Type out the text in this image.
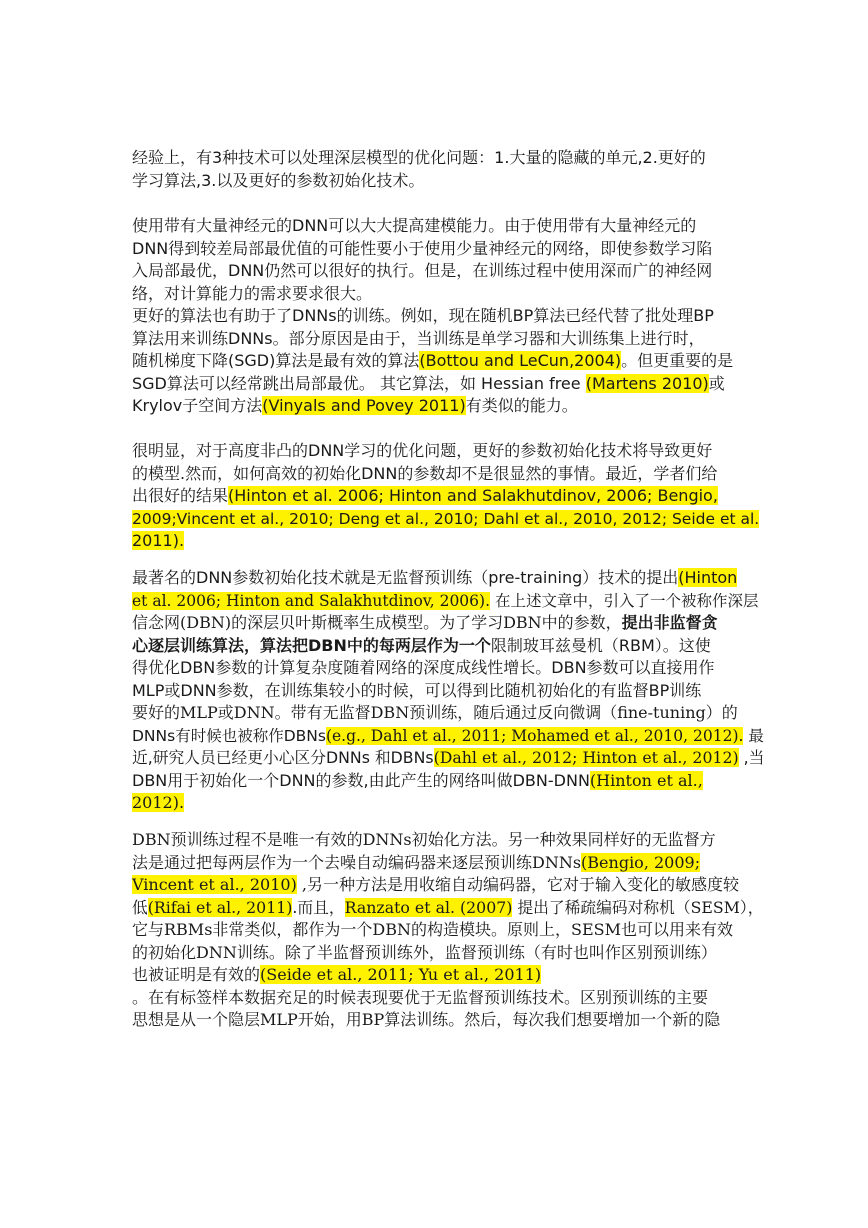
经验上，有3种技术可以处理深层模型的优化问题：1.大量的隐藏的单元,2.更好的
学习算法,3.以及更好的参数初始化技术。
使用带有大量神经元的DNN可以大大提高建模能力。由于使用带有大量神经元的
DNN得到较差局部最优值的可能性要小于使用少量神经元的网络，即使参数学习陷
入局部最优，DNN仍然可以很好的执行。但是，在训练过程中使用深而广的神经网
络，对计算能力的需求要求很大。
更好的算法也有助于了DNNs的训练。例如，现在随机BP算法已经代替了批处理BP
算法用来训练DNNs。部分原因是由于，当训练是单学习器和大训练集上进行时，
随机梯度下降(SGD)算法是最有效的算法(Bottou and LeCun,2004)。但更重要的是
SGD算法可以经常跳出局部最优。 其它算法，如 Hessian free (Martens 2010)或
Krylov子空间方法(Vinyals and Povey 2011)有类似的能力。
很明显，对于高度非凸的DNN学习的优化问题，更好的参数初始化技术将导致更好
的模型.然而，如何高效的初始化DNN的参数却不是很显然的事情。最近，学者们给
出很好的结果(Hinton et al. 2006; Hinton and Salakhutdinov, 2006; Bengio,
2009;Vincent et al., 2010; Deng et al., 2010; Dahl et al., 2010, 2012; Seide et al.
2011).
最著名的DNN参数初始化技术就是无监督预训练（pre-training）技术的提出(Hinton
et al. 2006; Hinton and Salakhutdinov, 2006). 在上述文章中，引入了一个被称作深层
信念网(DBN)的深层贝叶斯概率生成模型。为了学习DBN中的参数，提出非监督贪
心逐层训练算法，算法把DBN中的每两层作为一个限制玻耳兹曼机（RBM）。这使
得优化DBN参数的计算复杂度随着网络的深度成线性增长。DBN参数可以直接用作
MLP或DNN参数，在训练集较小的时候，可以得到比随机初始化的有监督BP训练
要好的MLP或DNN。带有无监督DBN预训练，随后通过反向微调（fine-tuning）的
DNNs有时候也被称作DBNs(e.g., Dahl et al., 2011; Mohamed et al., 2010, 2012). 最
近,研究人员已经更小心区分DNNs 和DBNs(Dahl et al., 2012; Hinton et al., 2012) ,当
DBN用于初始化一个DNN的参数,由此产生的网络叫做DBN-DNN(Hinton et al.,
2012).
DBN预训练过程不是唯一有效的DNNs初始化方法。另一种效果同样好的无监督方
法是通过把每两层作为一个去噪自动编码器来逐层预训练DNNs(Bengio, 2009;
Vincent et al., 2010) ,另一种方法是用收缩自动编码器，它对于输入变化的敏感度较
低(Rifai et al., 2011).而且，Ranzato et al. (2007) 提出了稀疏编码对称机（SESM），
它与RBMs非常类似，都作为一个DBN的构造模块。原则上，SESM也可以用来有效
的初始化DNN训练。除了半监督预训练外，监督预训练（有时也叫作区别预训练）
也被证明是有效的(Seide et al., 2011; Yu et al., 2011)
。在有标签样本数据充足的时候表现要优于无监督预训练技术。区别预训练的主要
思想是从一个隐层MLP开始，用BP算法训练。然后，每次我们想要增加一个新的隐
